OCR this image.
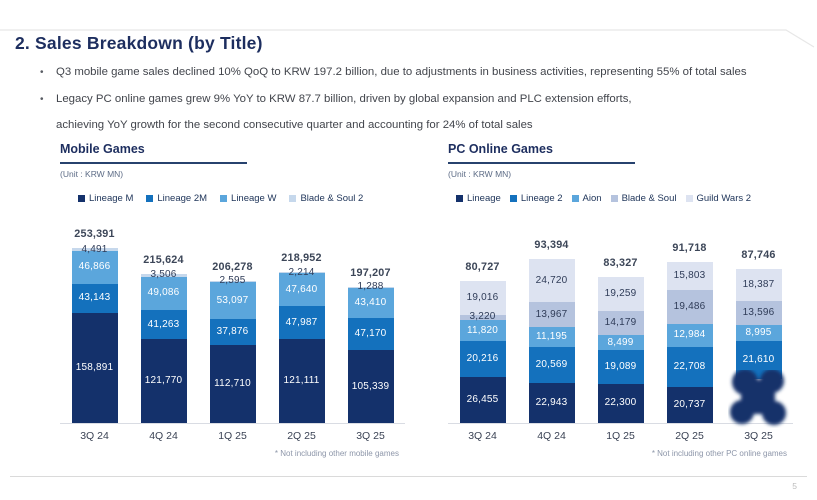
2. Sales Breakdown (by Title)
•	Q3 mobile game sales declined 10% QoQ to KRW 197.2 billion, due to adjustments in business activities, representing 55% of total sales
•	Legacy PC online games grew 9% YoY to KRW 87.7 billion, driven by global expansion and PLC extension efforts,
achieving YoY growth for the second consecutive quarter and accounting for 24% of total sales
Mobile Games
(Unit : KRW MN)
Lineage M	Lineage 2M	Lineage W	Blade & Soul 2
253,391
4,491
46,866
43,143
158,891
215,624
3,506
49,086
41,263
121,770
206,278
2,595
53,097
37,876
112,710
218,952
2,214
47,640
47,987
121,111
197,207
1,288
43,410
47,170
105,339
3Q 24	4Q 24	1Q 25	2Q 25	3Q 25
* Not including other mobile games
PC Online Games
(Unit : KRW MN)
Lineage Lineage 2 Aion Blade & Soul Guild Wars 2
80,727
19,016
3,220
11,820
20,216
26,455
93,394
24,720
13,967
11,195
20,569
22,943
83,327
19,259
14,179
8,499
19,089
22,300
91,718
15,803
19,486
12,984
22,708
20,737
87,746
18,387
13,596
8,995
21,610
3Q 24	4Q 24	1Q 25	2Q 25	3Q 25
* Not including other PC online games
5
